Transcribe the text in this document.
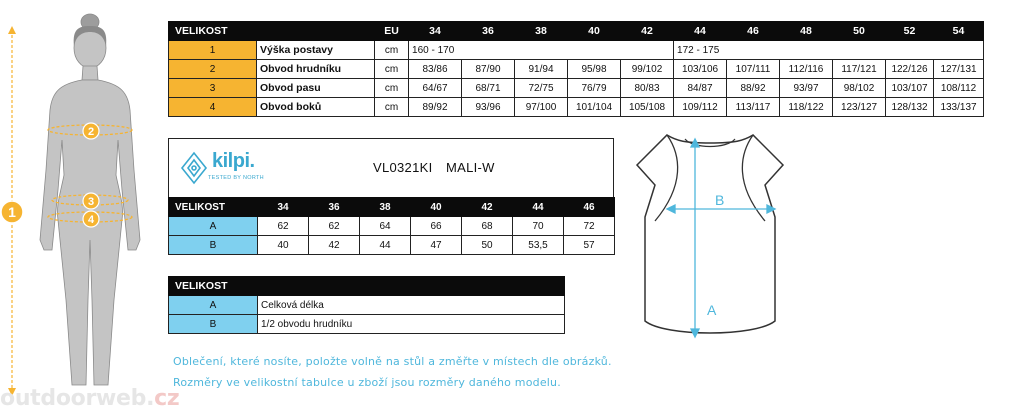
1
2
3
4
VELIKOST		EU	34	36	38	40	42	44	46	48	50	52	54
1	Výška postavy	cm	160 - 170					172 - 175					
2	Obvod hrudníku	cm	83/86	87/90	91/94	95/98	99/102	103/106	107/111	112/116	117/121	122/126	127/131
3	Obvod pasu	cm	64/67	68/71	72/75	76/79	80/83	84/87	88/92	93/97	98/102	103/107	108/112
4	Obvod boků	cm	89/92	93/96	97/100	101/104	105/108	109/112	113/117	118/122	123/127	128/132	133/137
kilpi.
TESTED BY NORTH
VL0321KI MALI-W
VELIKOST	34	36	38	40	42	44	46
A	62	62	64	66	68	70	72
B	40	42	44	47	50	53,5	57
VELIKOST	
A	Celková délka
B	1/2 obvodu hrudníku
A
B
Oblečení, které nosíte, položte volně na stůl a změřte v místech dle obrázků.
Rozměry ve velikostní tabulce u zboží jsou rozměry daného modelu.
outdoorweb.cz
